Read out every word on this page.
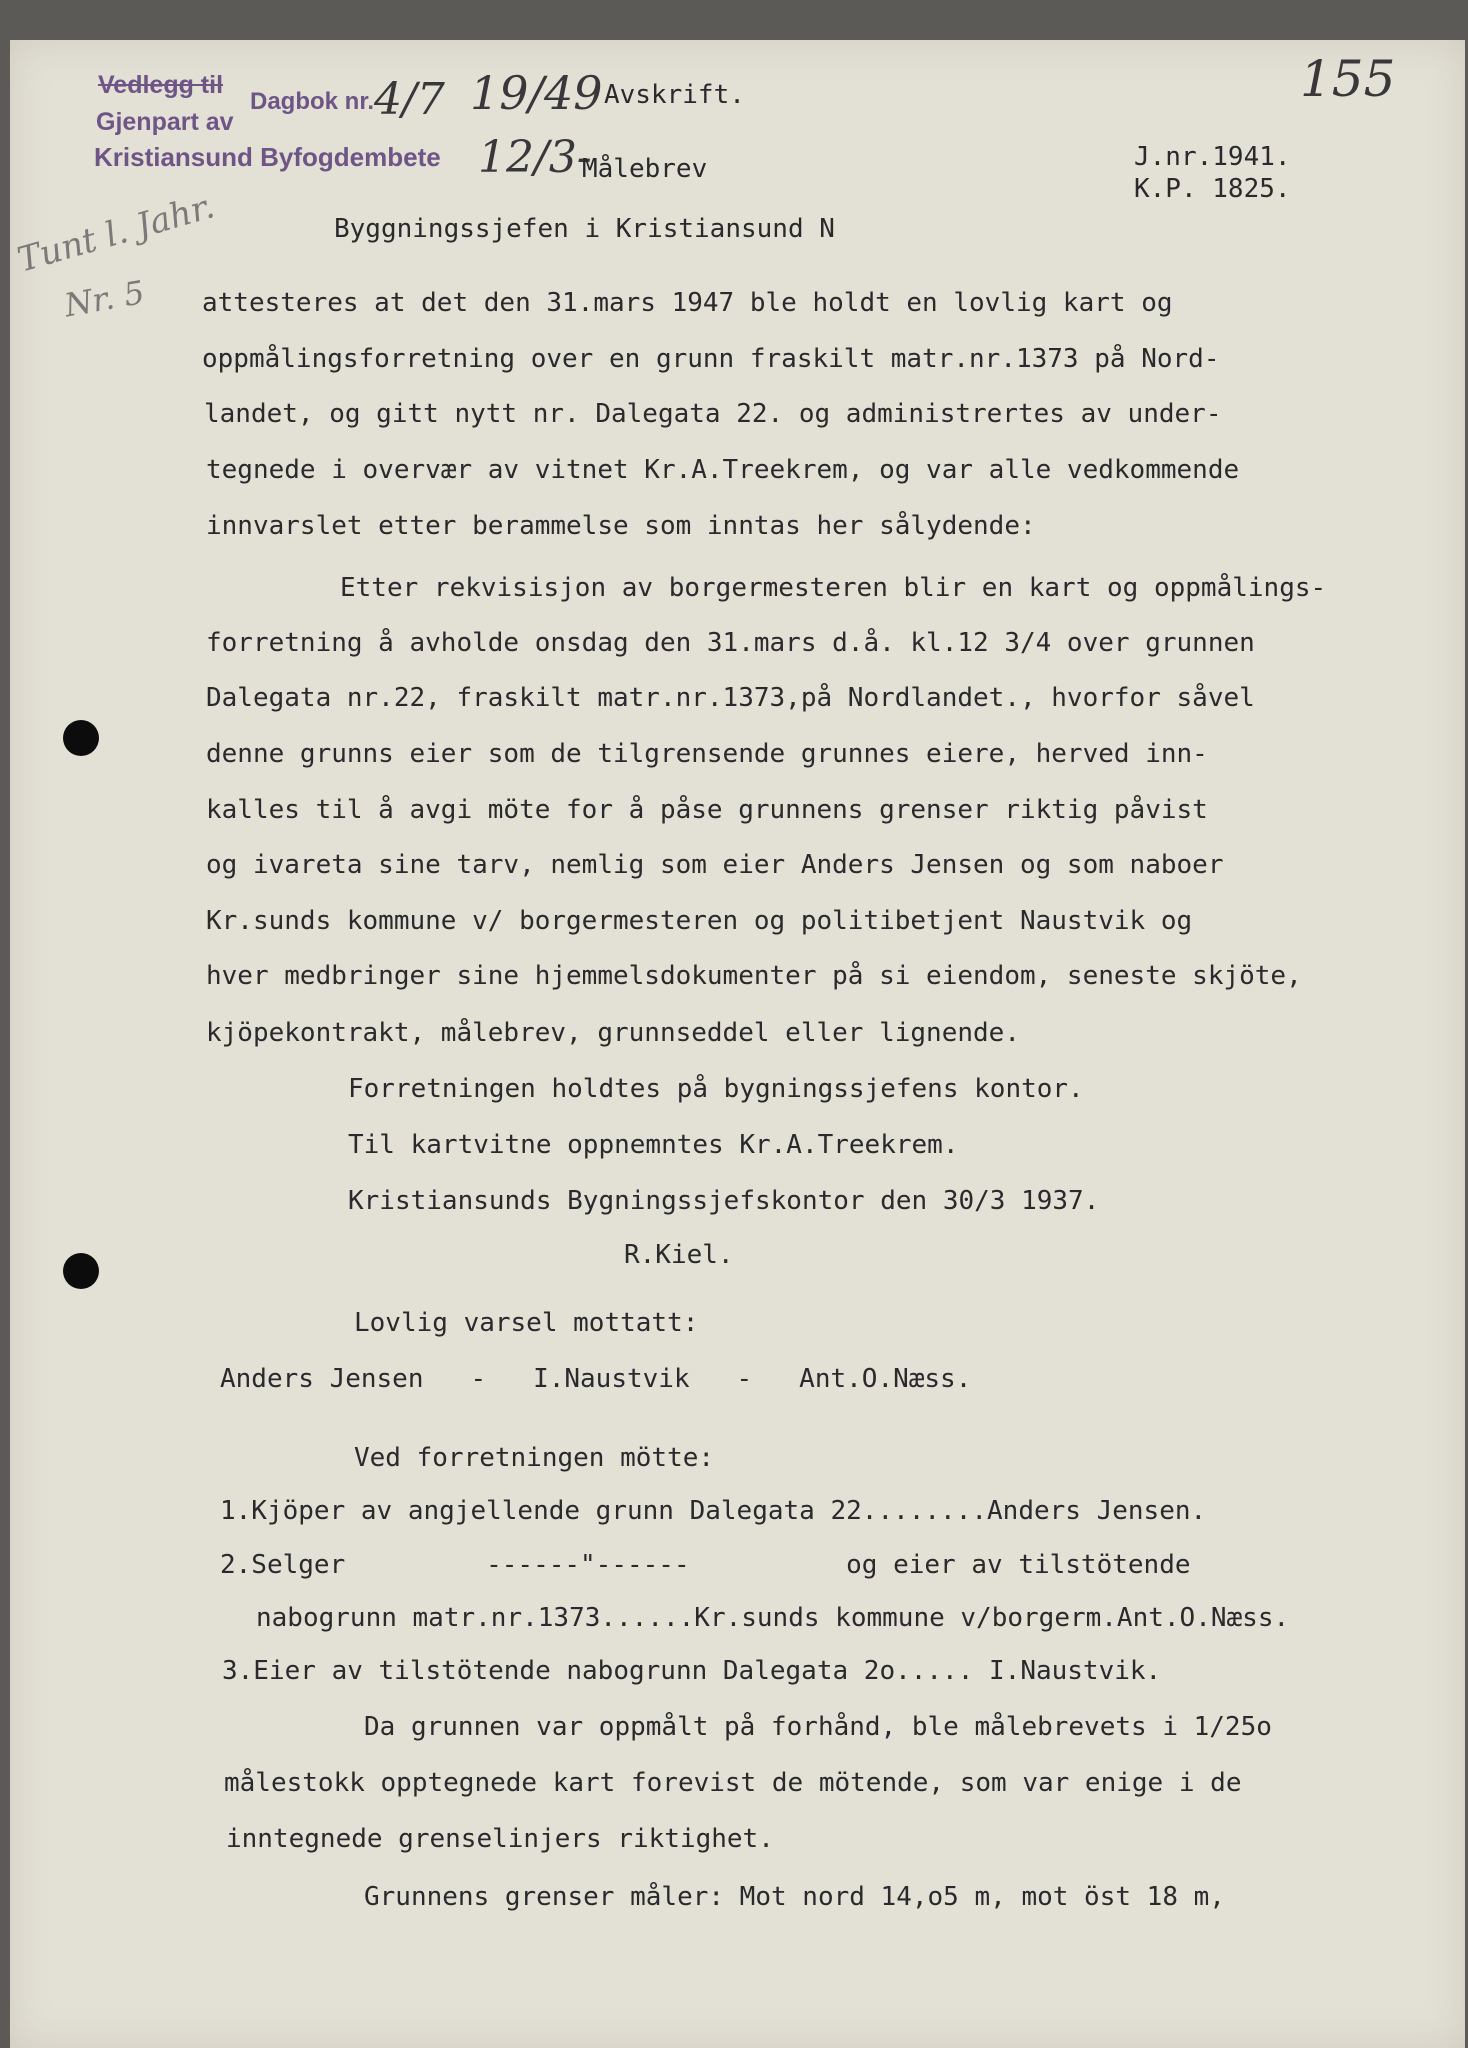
Vedlegg til
Dagbok nr.
Gjenpart av
Kristiansund Byfogdembete
4/7 19/49
12/3-
155
Tunt l. Jahr.
Nr. 5
Avskrift.
Målebrev	J.nr.1941.
K.P. 1825.
Byggningssjefen i Kristiansund N
attesteres at det den 31.mars 1947 ble holdt en lovlig kart og
oppmålingsforretning over en grunn fraskilt matr.nr.1373 på Nord-
landet, og gitt nytt nr. Dalegata 22. og administrertes av under-
tegnede i overvær av vitnet Kr.A.Treekrem, og var alle vedkommende
innvarslet etter berammelse som inntas her sålydende:
Etter rekvisisjon av borgermesteren blir en kart og oppmålings-
forretning å avholde onsdag den 31.mars d.å. kl.12 3/4 over grunnen
Dalegata nr.22, fraskilt matr.nr.1373,på Nordlandet., hvorfor såvel
denne grunns eier som de tilgrensende grunnes eiere, herved inn-
kalles til å avgi möte for å påse grunnens grenser riktig påvist
og ivareta sine tarv, nemlig som eier Anders Jensen og som naboer
Kr.sunds kommune v/ borgermesteren og politibetjent Naustvik og
hver medbringer sine hjemmelsdokumenter på si eiendom, seneste skjöte,
kjöpekontrakt, målebrev, grunnseddel eller lignende.
Forretningen holdtes på bygningssjefens kontor.
Til kartvitne oppnemntes Kr.A.Treekrem.
Kristiansunds Bygningssjefskontor den 30/3 1937.
R.Kiel.
Lovlig varsel mottatt:
Anders Jensen   -   I.Naustvik   -   Ant.O.Næss.
Ved forretningen mötte:
1.Kjöper av angjellende grunn Dalegata 22........Anders Jensen.
2.Selger         ------"------          og eier av tilstötende
nabogrunn matr.nr.1373......Kr.sunds kommune v/borgerm.Ant.O.Næss.
3.Eier av tilstötende nabogrunn Dalegata 2o..... I.Naustvik.
Da grunnen var oppmålt på forhånd, ble målebrevets i 1/25o
målestokk opptegnede kart forevist de mötende, som var enige i de
inntegnede grenselinjers riktighet.
Grunnens grenser måler: Mot nord 14,o5 m, mot öst 18 m,
